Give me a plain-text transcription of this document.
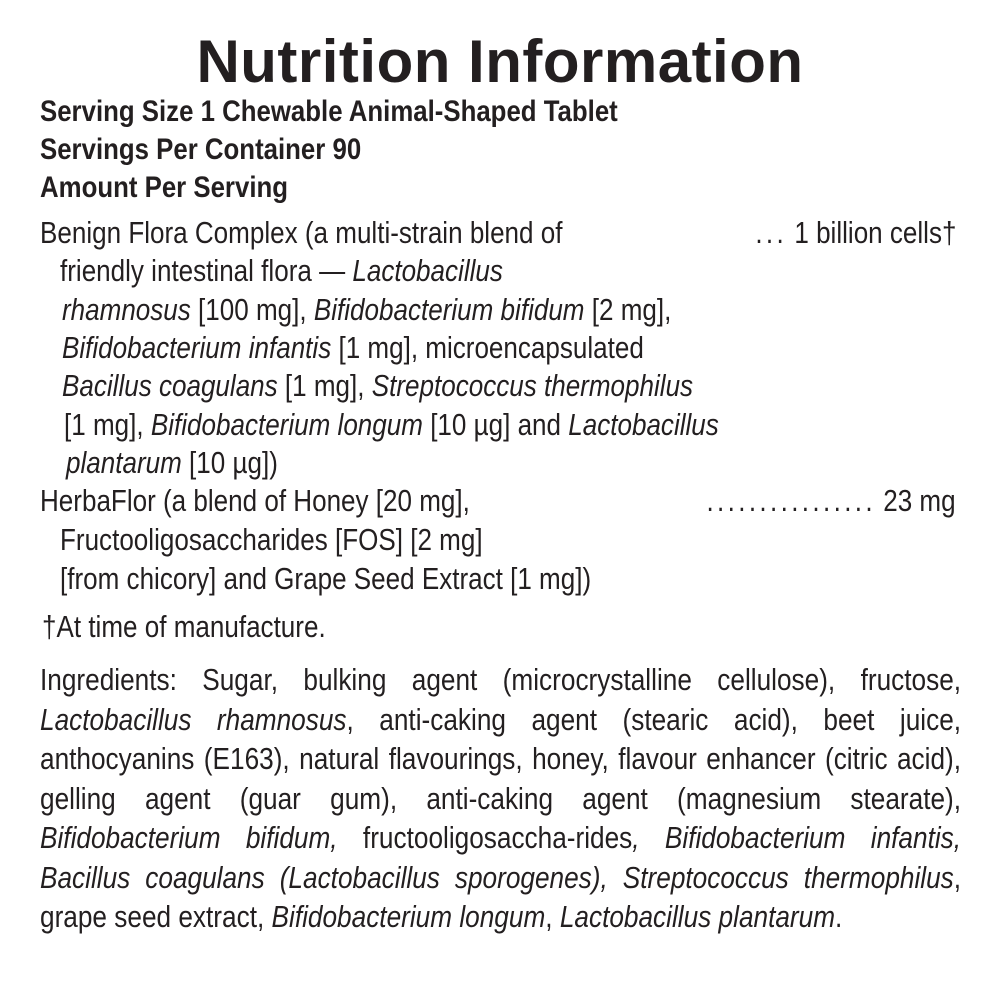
Nutrition Information
Serving Size 1 Chewable Animal-Shaped Tablet
Servings Per Container 90
Amount Per Serving
Benign Flora Complex (a multi-strain blend of	... 1 billion cells†
friendly intestinal flora — Lactobacillus
rhamnosus [100 mg], Bifidobacterium bifidum [2 mg],
Bifidobacterium infantis [1 mg], microencapsulated
Bacillus coagulans [1 mg], Streptococcus thermophilus
[1 mg], Bifidobacterium longum [10 µg] and Lactobacillus
plantarum [10 µg])
HerbaFlor (a blend of Honey [20 mg],	................ 23 mg
Fructooligosaccharides [FOS] [2 mg]
[from chicory] and Grape Seed Extract [1 mg])
†At time of manufacture.
Ingredients: Sugar, bulking agent (microcrystalline cellulose), fructose, Lactobacillus rhamnosus, anti-caking agent (stearic acid), beet juice, anthocyanins (E163), natural flavourings, honey, flavour enhancer (citric acid), gelling agent (guar gum), anti-caking agent (magnesium stearate), Bifidobacterium bifidum, fructooligosaccha-rides, Bifidobacterium infantis, Bacillus coagulans (Lactobacillus sporogenes), Streptococcus thermophilus, grape seed extract, Bifidobacterium longum, Lactobacillus plantarum.
